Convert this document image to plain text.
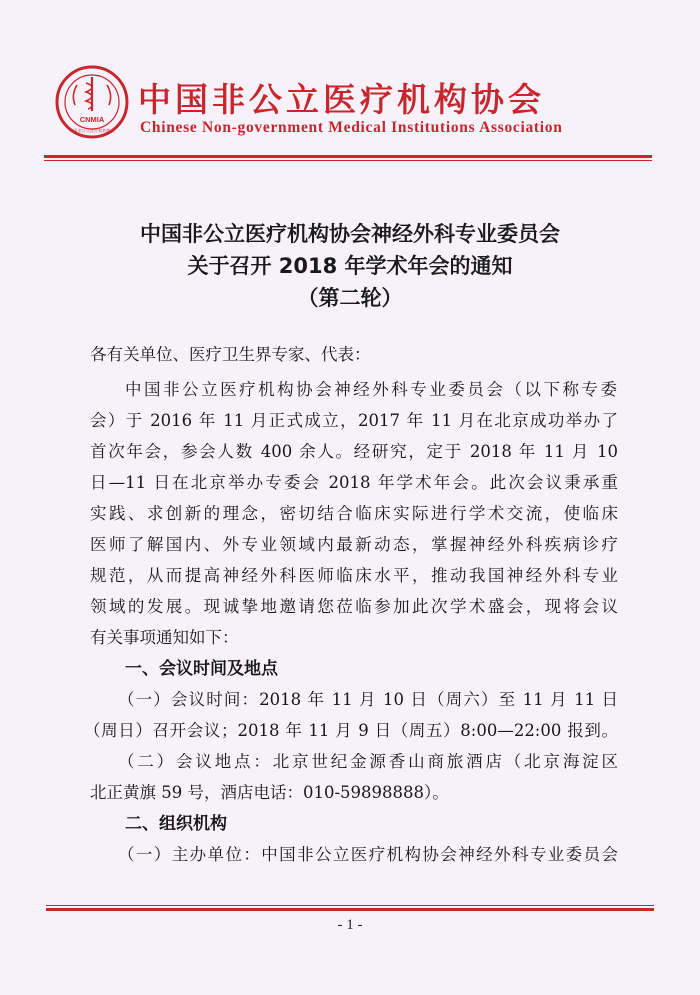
CNMIA
中国非公立医疗机构协会
中国非公立医疗机构协会
Chinese Non-government Medical Institutions Association
中国非公立医疗机构协会神经外科专业委员会
关于召开 2018 年学术年会的通知
（第二轮）
各有关单位、医疗卫生界专家、代表：
中国非公立医疗机构协会神经外科专业委员会（以下称专委
会）于 2016 年 11 月正式成立，2017 年 11 月在北京成功举办了
首次年会，参会人数 400 余人。经研究，定于 2018 年 11 月 10
日—11 日在北京举办专委会 2018 年学术年会。此次会议秉承重
实践、求创新的理念，密切结合临床实际进行学术交流，使临床
医师了解国内、外专业领域内最新动态，掌握神经外科疾病诊疗
规范，从而提高神经外科医师临床水平，推动我国神经外科专业
领域的发展。现诚挚地邀请您莅临参加此次学术盛会，现将会议
有关事项通知如下：
一、会议时间及地点
（一）会议时间：2018 年 11 月 10 日（周六）至 11 月 11 日
（周日）召开会议；2018 年 11 月 9 日（周五）8:00—22:00 报到。
（二）会议地点：北京世纪金源香山商旅酒店（北京海淀区
北正黄旗 59 号，酒店电话：010-59898888）。
二、组织机构
（一）主办单位：中国非公立医疗机构协会神经外科专业委员会
- 1 -
